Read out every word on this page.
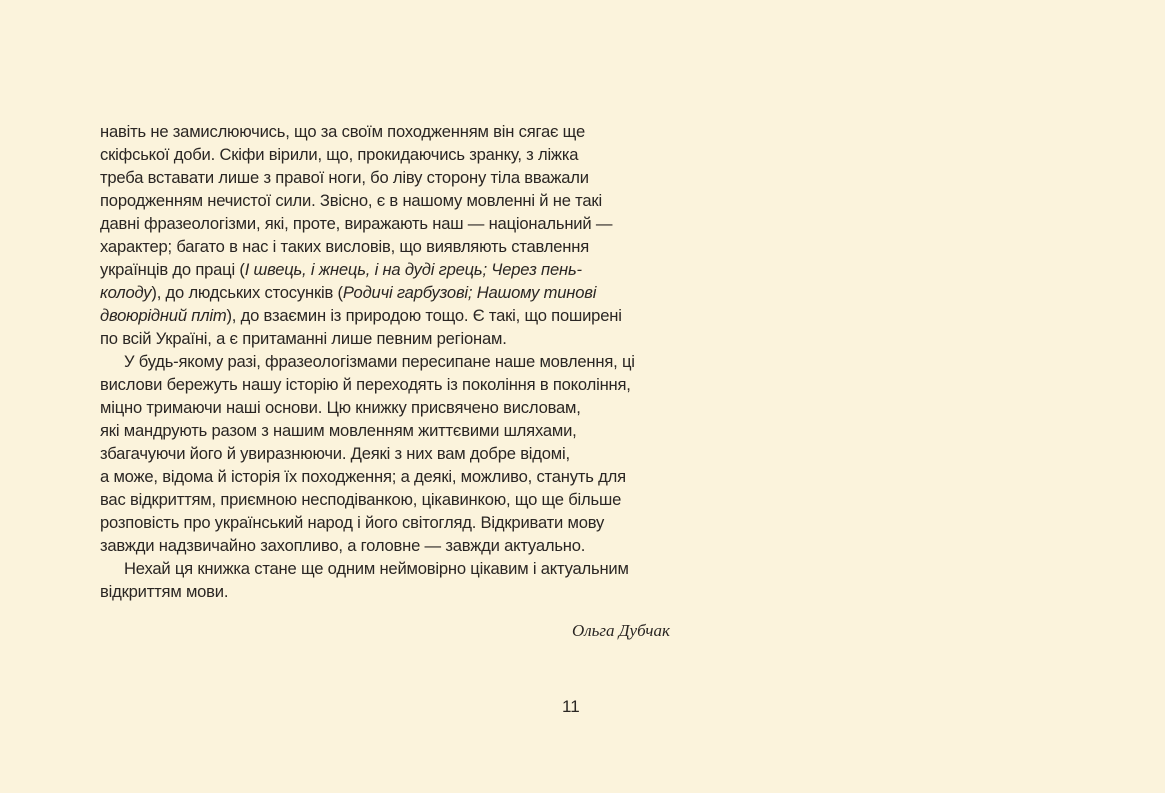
навіть не замислюючись, що за своїм походженням він сягає ще
скіфської доби. Скіфи вірили, що, прокидаючись зранку, з ліжка
треба вставати лише з правої ноги, бо ліву сторону тіла вважали
породженням нечистої сили. Звісно, є в нашому мовленні й не такі
давні фразеологізми, які, проте, виражають наш — національний —
характер; багато в нас і таких висловів, що виявляють ставлення
українців до праці (І швець, і жнець, і на дуді грець; Через пень-
колоду), до людських стосунків (Родичі гарбузові; Нашому тинові
двоюрідний пліт), до взаємин із природою тощо. Є такі, що поширені
по всій Україні, а є притаманні лише певним регіонам.
У будь-якому разі, фразеологізмами пересипане наше мовлення, ці
вислови бережуть нашу історію й переходять із покоління в покоління,
міцно тримаючи наші основи. Цю книжку присвячено висловам,
які мандрують разом з нашим мовленням життєвими шляхами,
збагачуючи його й увиразнюючи. Деякі з них вам добре відомі,
а може, відома й історія їх походження; а деякі, можливо, стануть для
вас відкриттям, приємною несподіванкою, цікавинкою, що ще більше
розповість про український народ і його світогляд. Відкривати мову
завжди надзвичайно захопливо, а головне — завжди актуально.
Нехай ця книжка стане ще одним неймовірно цікавим і актуальним
відкриттям мови.
Ольга Дубчак
11
